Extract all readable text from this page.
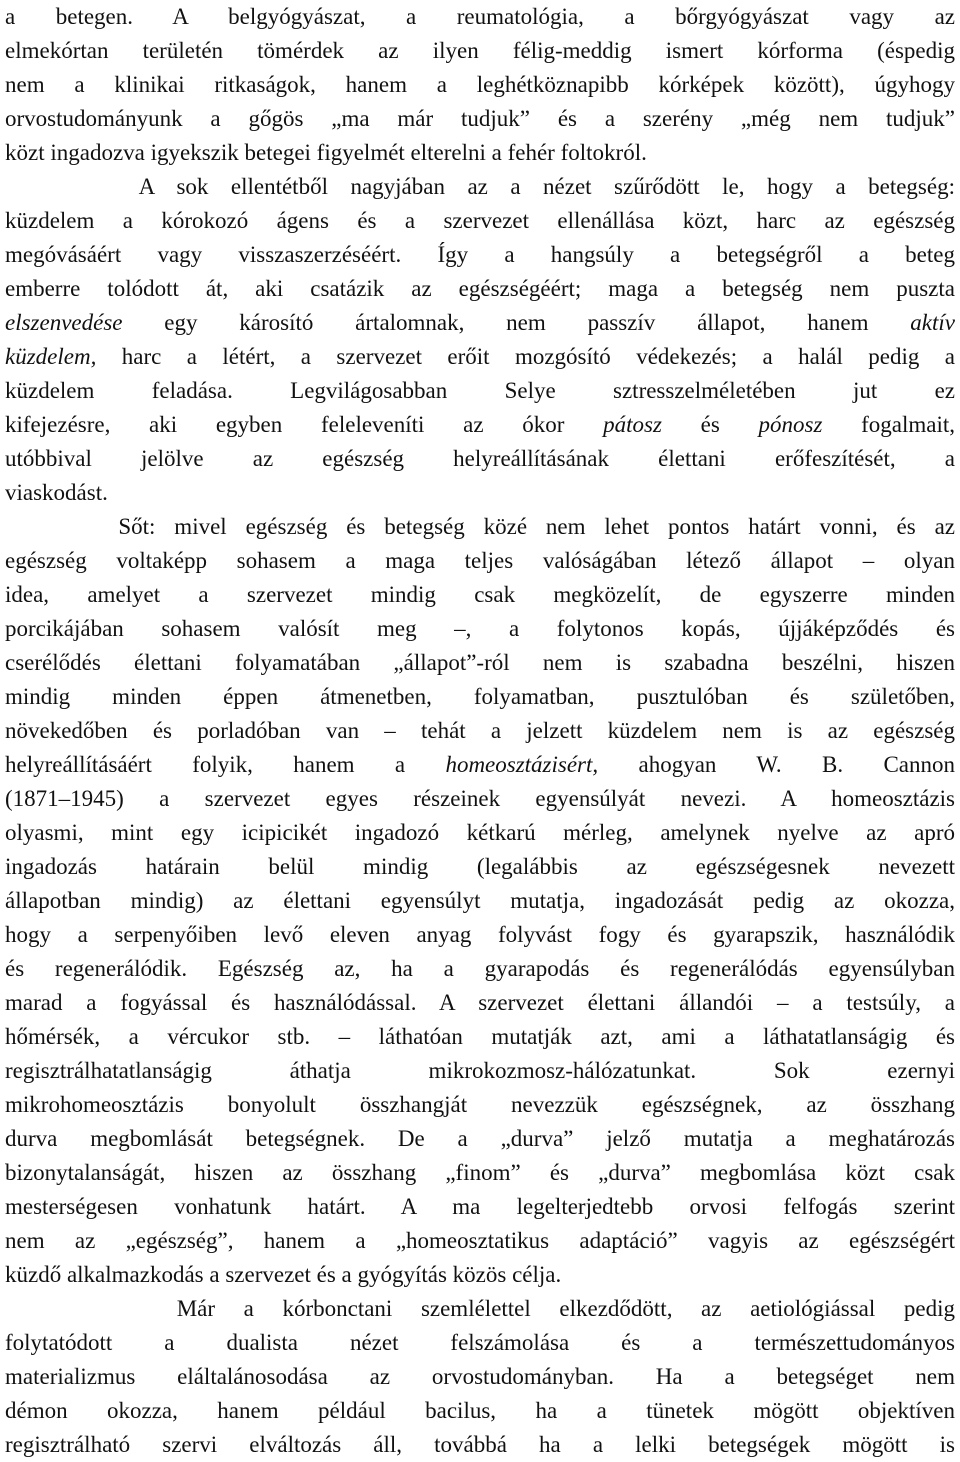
a betegen. A belgyógyászat, a reumatológia, a bőrgyógyászat vagy az
elmekórtan területén tömérdek az ilyen félig-meddig ismert kórforma (éspedig
nem a klinikai ritkaságok, hanem a leghétköznapibb kórképek között), úgyhogy
orvostudományunk a gőgös „ma már tudjuk” és a szerény „még nem tudjuk”
közt ingadozva igyekszik betegei figyelmét elterelni a fehér foltokról.
A sok ellentétből nagyjában az a nézet szűrődött le, hogy a betegség:
küzdelem a kórokozó ágens és a szervezet ellenállása közt, harc az egészség
megóvásáért vagy visszaszerzéséért. Így a hangsúly a betegségről a beteg
emberre tolódott át, aki csatázik az egészségéért; maga a betegség nem puszta
elszenvedése egy károsító ártalomnak, nem passzív állapot, hanem aktív
küzdelem, harc a létért, a szervezet erőit mozgósító védekezés; a halál pedig a
küzdelem feladása. Legvilágosabban Selye sztresszelméletében jut ez
kifejezésre, aki egyben feleleveníti az ókor pátosz és pónosz fogalmait,
utóbbival jelölve az egészség helyreállításának élettani erőfeszítését, a
viaskodást.
Sőt: mivel egészség és betegség közé nem lehet pontos határt vonni, és az
egészség voltaképp sohasem a maga teljes valóságában létező állapot – olyan
idea, amelyet a szervezet mindig csak megközelít, de egyszerre minden
porcikájában sohasem valósít meg –, a folytonos kopás, újjáképződés és
cserélődés élettani folyamatában „állapot”-ról nem is szabadna beszélni, hiszen
mindig minden éppen átmenetben, folyamatban, pusztulóban és születőben,
növekedőben és porladóban van – tehát a jelzett küzdelem nem is az egészség
helyreállításáért folyik, hanem a homeosztázisért, ahogyan W. B. Cannon
(1871–1945) a szervezet egyes részeinek egyensúlyát nevezi. A homeosztázis
olyasmi, mint egy icipicikét ingadozó kétkarú mérleg, amelynek nyelve az apró
ingadozás határain belül mindig (legalábbis az egészségesnek nevezett
állapotban mindig) az élettani egyensúlyt mutatja, ingadozását pedig az okozza,
hogy a serpenyőiben levő eleven anyag folyvást fogy és gyarapszik, használódik
és regenerálódik. Egészség az, ha a gyarapodás és regenerálódás egyensúlyban
marad a fogyással és használódással. A szervezet élettani állandói – a testsúly, a
hőmérsék, a vércukor stb. – láthatóan mutatják azt, ami a láthatatlanságig és
regisztrálhatatlanságig áthatja mikrokozmosz-hálózatunkat. Sok ezernyi
mikrohomeosztázis bonyolult összhangját nevezzük egészségnek, az összhang
durva megbomlását betegségnek. De a „durva” jelző mutatja a meghatározás
bizonytalanságát, hiszen az összhang „finom” és „durva” megbomlása közt csak
mesterségesen vonhatunk határt. A ma legelterjedtebb orvosi felfogás szerint
nem az „egészség”, hanem a „homeosztatikus adaptáció” vagyis az egészségért
küzdő alkalmazkodás a szervezet és a gyógyítás közös célja.
Már a kórbonctani szemlélettel elkezdődött, az aetiológiással pedig
folytatódott a dualista nézet felszámolása és a természettudományos
materializmus eláltalánosodása az orvostudományban. Ha a betegséget nem
démon okozza, hanem például bacilus, ha a tünetek mögött objektíven
regisztrálható szervi elváltozás áll, továbbá ha a lelki betegségek mögött is
